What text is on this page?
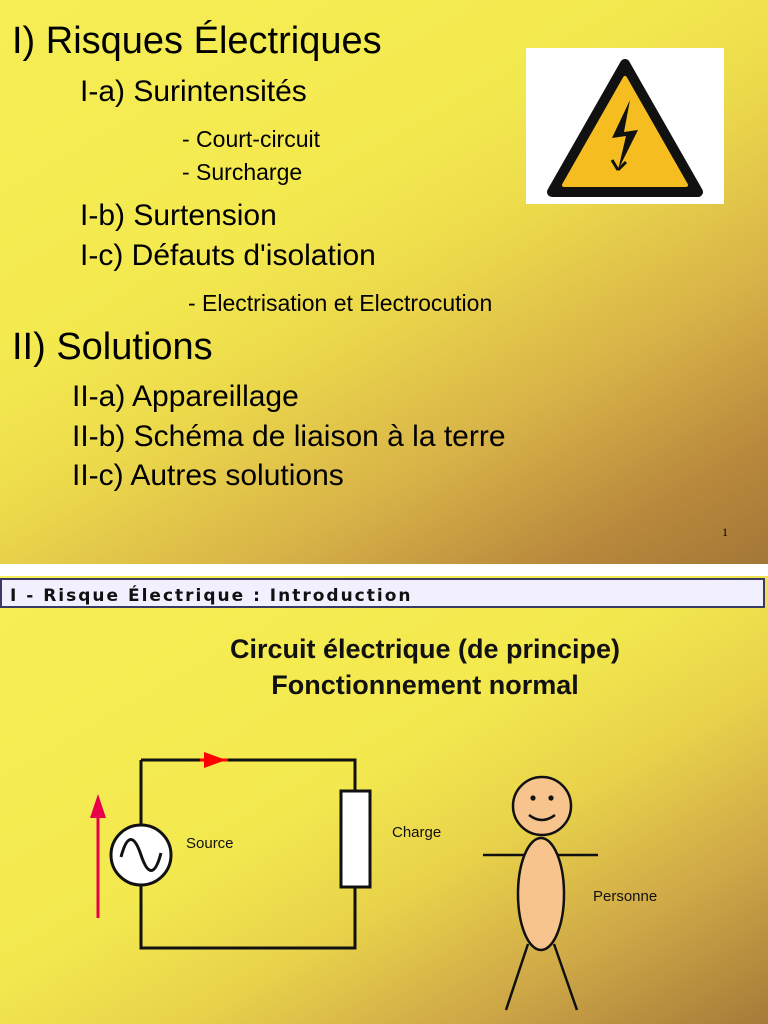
I) Risques Électriques
I-a) Surintensités
- Court-circuit
- Surcharge
I-b) Surtension
I-c) Défauts d'isolation
- Electrisation et Electrocution
II) Solutions
II-a) Appareillage
II-b) Schéma de liaison à la terre
II-c) Autres solutions
1
I - Risque Électrique : Introduction
Circuit électrique (de principe)
Fonctionnement normal
Source
Charge
Personne
